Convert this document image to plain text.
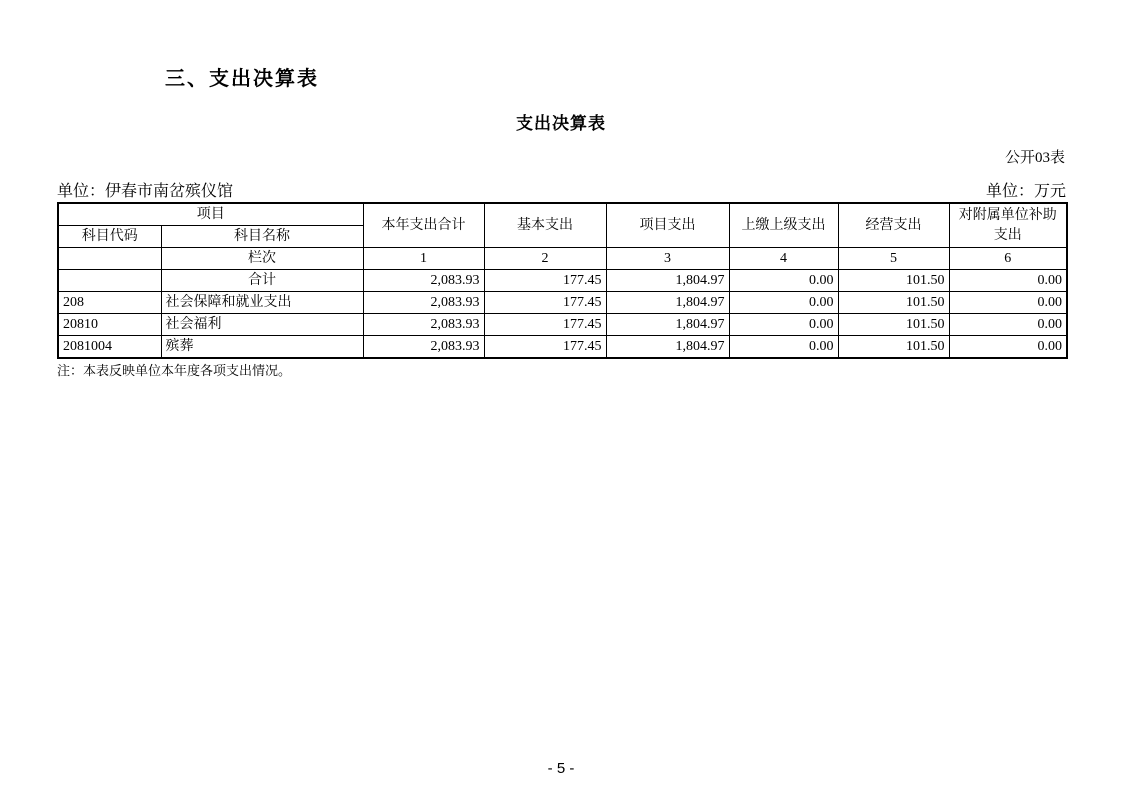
三、支出决算表
支出决算表
公开03表
单位：伊春市南岔殡仪馆	单位：万元
项目		本年支出合计	基本支出	项目支出	上缴上级支出	经营支出	对附属单位补助支出
科目代码	科目名称						
	栏次	1	2	3	4	5	6
	合计	2,083.93	177.45	1,804.97	0.00	101.50	0.00
208	社会保障和就业支出	2,083.93	177.45	1,804.97	0.00	101.50	0.00
20810	社会福利	2,083.93	177.45	1,804.97	0.00	101.50	0.00
2081004	殡葬	2,083.93	177.45	1,804.97	0.00	101.50	0.00
注：本表反映单位本年度各项支出情况。
- 5 -
